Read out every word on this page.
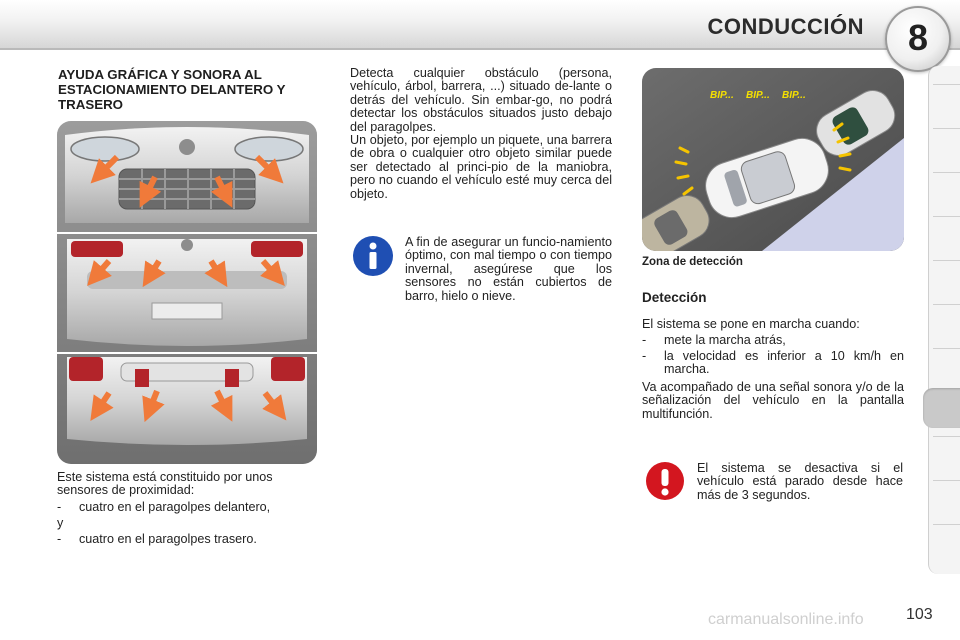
CONDUCCIÓN	8
AYUDA GRÁFICA Y SONORA AL ESTACIONAMIENTO DELANTERO Y TRASERO

Este sistema está constituido por unos sensores de proximidad:

-	cuatro en el paragolpes delantero,

y

-	cuatro en el paragolpes trasero.

Detecta cualquier obstáculo (persona, vehículo, árbol, barrera, ...) situado de-lante o detrás del vehículo. Sin embar-go, no podrá detectar los obstáculos situados justo debajo del paragolpes.

Un objeto, por ejemplo un piquete, una barrera de obra o cualquier otro objeto similar puede ser detectado al princi-pio de la maniobra, pero no cuando el vehículo esté muy cerca del objeto.

A fin de asegurar un funcio-namiento óptimo, con mal tiempo o con tiempo invernal, asegúrese que los sensores no están cubiertos de barro, hielo o nieve.

BIP... BIP... BIP...
Zona de detección
Detección

El sistema se pone en marcha cuando:

-	mete la marcha atrás,
-	la velocidad es inferior a 10 km/h en marcha.

Va acompañado de una señal sonora y/o de la señalización del vehículo en la pantalla multifunción.

El sistema se desactiva si el vehículo está parado desde hace más de 3 segundos.

carmanualsonline.info	103
